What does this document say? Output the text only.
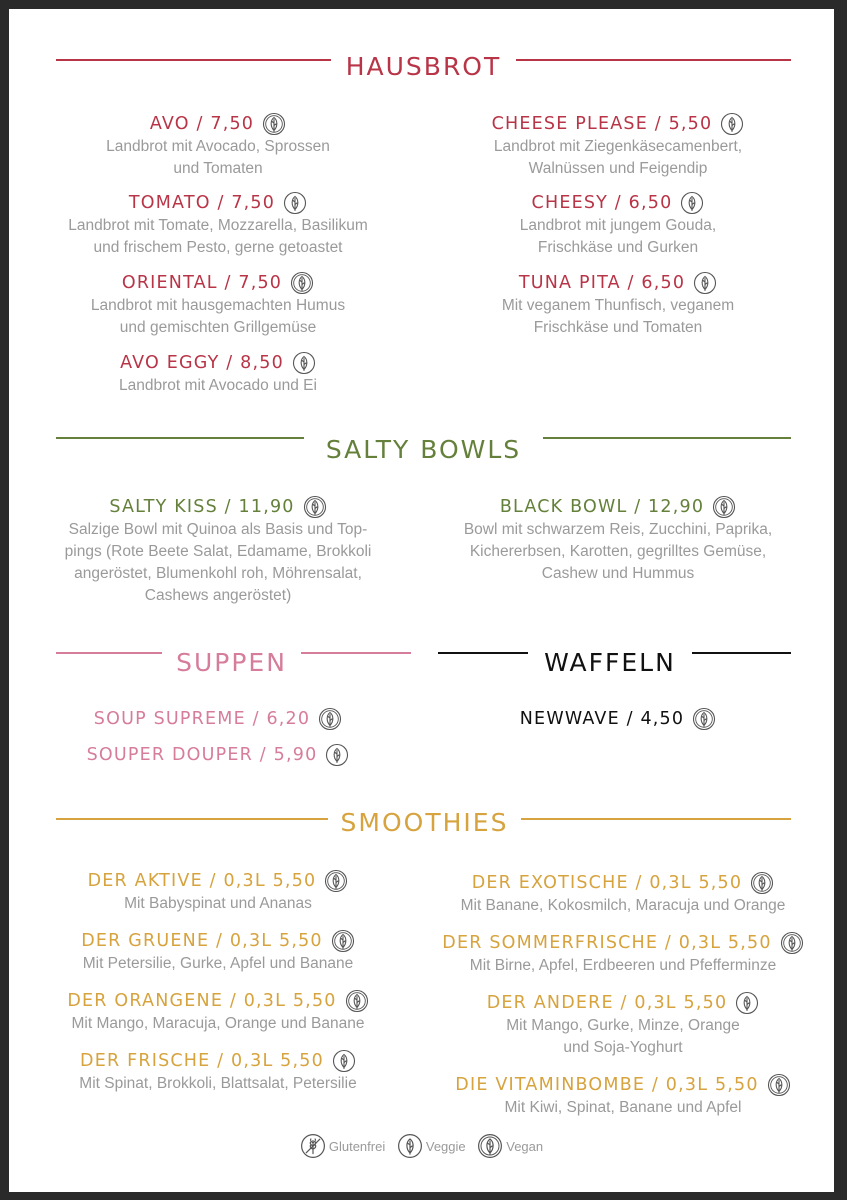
HAUSBROT
SALTY BOWLS
SUPPEN	WAFFELN
SMOOTHIES
AVO / 7,50
Landbrot mit Avocado, Sprossen
und Tomaten
TOMATO / 7,50
Landbrot mit Tomate, Mozzarella, Basilikum
und frischem Pesto, gerne getoastet
ORIENTAL / 7,50
Landbrot mit hausgemachten Humus
und gemischten Grillgemüse
AVO EGGY / 8,50
Landbrot mit Avocado und Ei
CHEESE PLEASE / 5,50
Landbrot mit Ziegenkäsecamenbert,
Walnüssen und Feigendip
CHEESY / 6,50
Landbrot mit jungem Gouda,
Frischkäse und Gurken
TUNA PITA / 6,50
Mit veganem Thunfisch, veganem
Frischkäse und Tomaten
SALTY KISS / 11,90
Salzige Bowl mit Quinoa als Basis und Top-
pings (Rote Beete Salat, Edamame, Brokkoli
angeröstet, Blumenkohl roh, Möhrensalat,
Cashews angeröstet)
BLACK BOWL / 12,90
Bowl mit schwarzem Reis, Zucchini, Paprika,
Kichererbsen, Karotten, gegrilltes Gemüse,
Cashew und Hummus
SOUP SUPREME / 6,20
SOUPER DOUPER / 5,90
NEWWAVE / 4,50
DER AKTIVE / 0,3L 5,50
Mit Babyspinat und Ananas
DER GRUENE / 0,3L 5,50
Mit Petersilie, Gurke, Apfel und Banane
DER ORANGENE / 0,3L 5,50
Mit Mango, Maracuja, Orange und Banane
DER FRISCHE / 0,3L 5,50
Mit Spinat, Brokkoli, Blattsalat, Petersilie
DER EXOTISCHE / 0,3L 5,50
Mit Banane, Kokosmilch, Maracuja und Orange
DER SOMMERFRISCHE / 0,3L 5,50
Mit Birne, Apfel, Erdbeeren und Pfefferminze
DER ANDERE / 0,3L 5,50
Mit Mango, Gurke, Minze, Orange
und Soja-Yoghurt
DIE VITAMINBOMBE / 0,3L 5,50
Mit Kiwi, Spinat, Banane und Apfel
Glutenfrei
	Veggie
	Vegan
